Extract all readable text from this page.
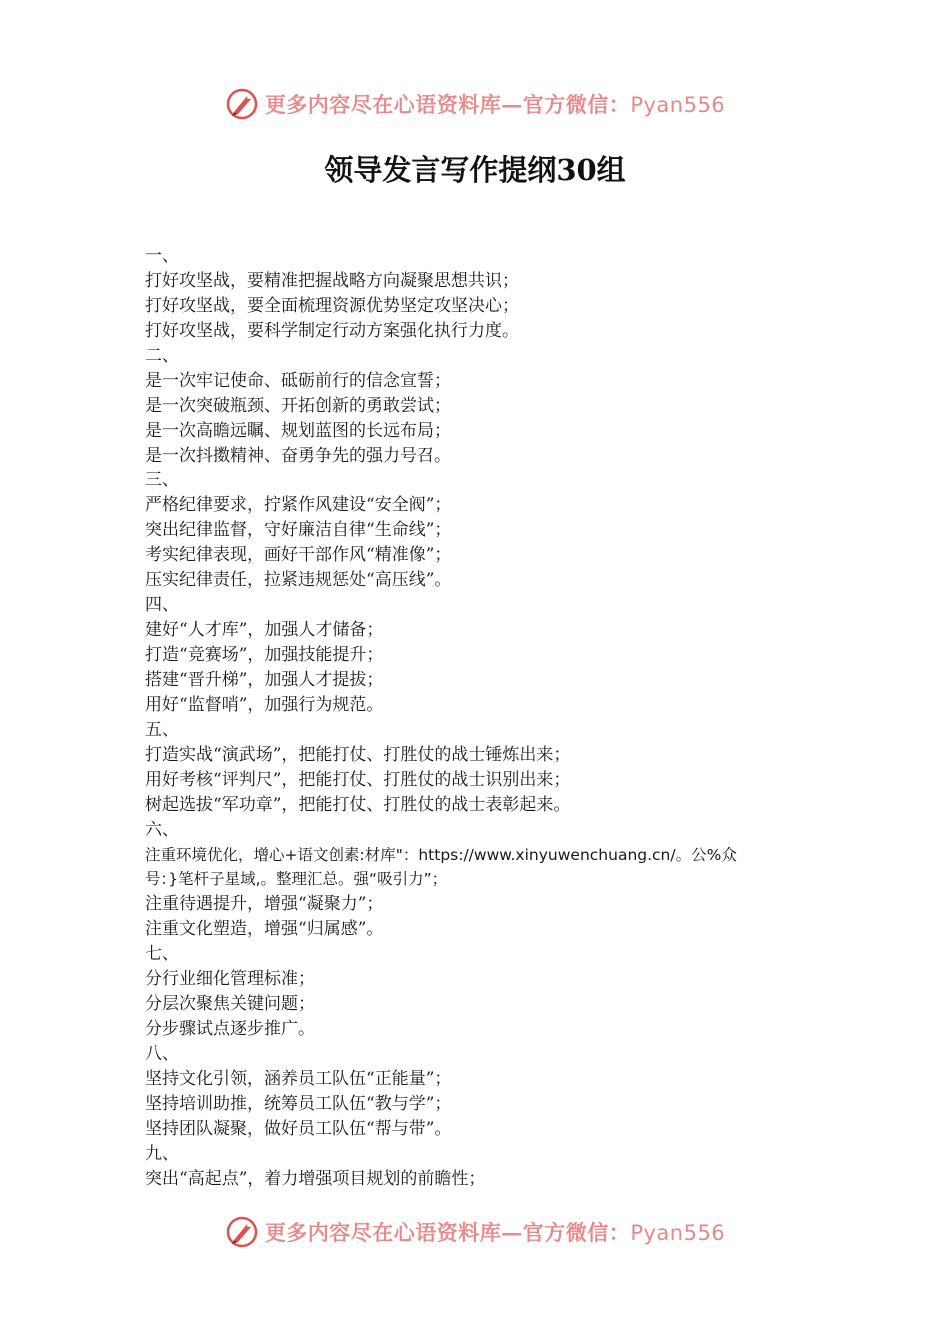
更多内容尽在心语资料库—官方微信：Pyan556
领导发言写作提纲30组
一、
打好攻坚战，要精准把握战略方向凝聚思想共识；
打好攻坚战，要全面梳理资源优势坚定攻坚决心；
打好攻坚战，要科学制定行动方案强化执行力度。
二、
是一次牢记使命、砥砺前行的信念宣誓；
是一次突破瓶颈、开拓创新的勇敢尝试；
是一次高瞻远瞩、规划蓝图的长远布局；
是一次抖擞精神、奋勇争先的强力号召。
三、
严格纪律要求，拧紧作风建设“安全阀”；
突出纪律监督，守好廉洁自律“生命线”；
考实纪律表现，画好干部作风“精准像”；
压实纪律责任，拉紧违规惩处“高压线”。
四、
建好“人才库”，加强人才储备；
打造“竞赛场”，加强技能提升；
搭建“晋升梯”，加强人才提拔；
用好“监督哨”，加强行为规范。
五、
打造实战“演武场”，把能打仗、打胜仗的战士锤炼出来；
用好考核“评判尺”，把能打仗、打胜仗的战士识别出来；
树起选拔“军功章”，把能打仗、打胜仗的战士表彰起来。
六、
注重环境优化，增心+语文创素:材库"：https://www.xinyuwenchuang.cn/。公%众
号：}笔杆子星域,。整理汇总。强“吸引力”；
注重待遇提升，增强“凝聚力”；
注重文化塑造，增强“归属感”。
七、
分行业细化管理标准；
分层次聚焦关键问题；
分步骤试点逐步推广。
八、
坚持文化引领，涵养员工队伍“正能量”；
坚持培训助推，统筹员工队伍“教与学”；
坚持团队凝聚，做好员工队伍“帮与带”。
九、
突出“高起点”，着力增强项目规划的前瞻性；
更多内容尽在心语资料库—官方微信：Pyan556
